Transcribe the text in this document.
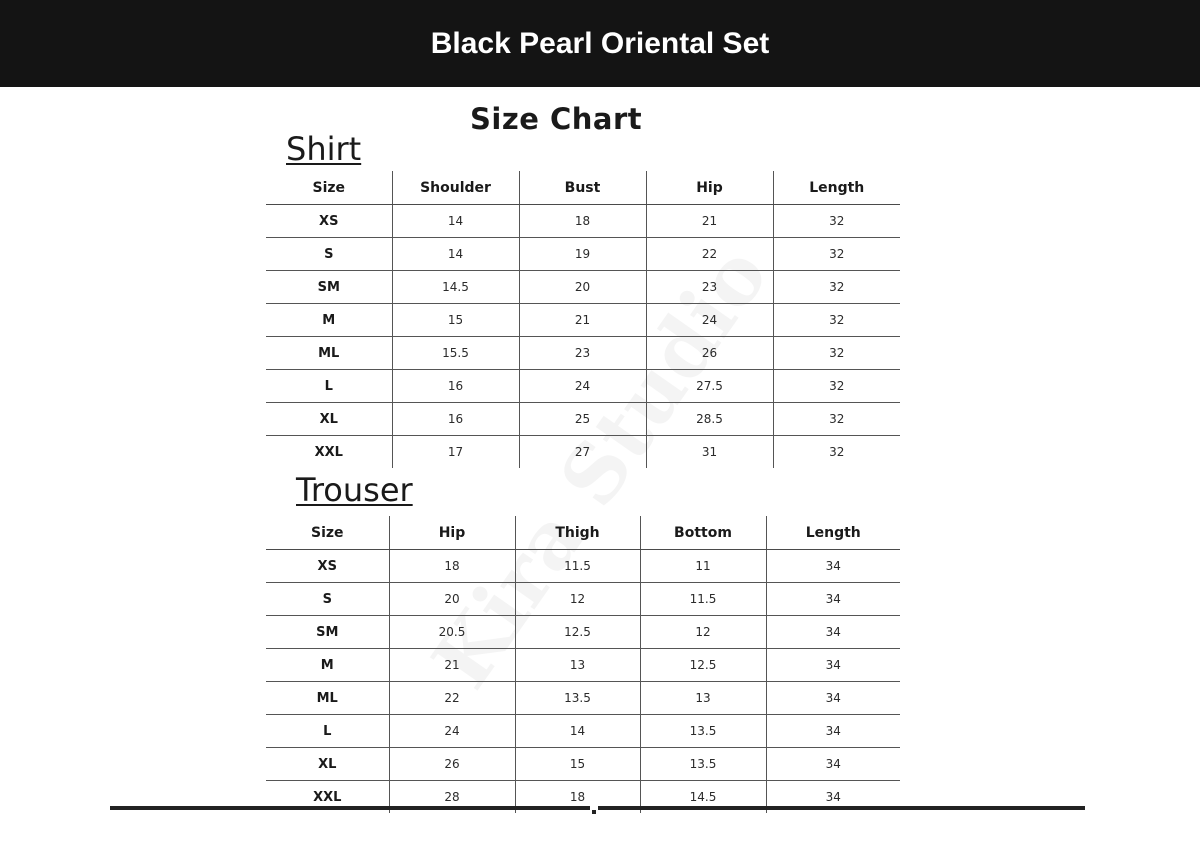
Black Pearl Oriental Set
Size Chart
Shirt
Size	Shoulder	Bust	Hip	Length
XS	14	18	21	32
S	14	19	22	32
SM	14.5	20	23	32
M	15	21	24	32
ML	15.5	23	26	32
L	16	24	27.5	32
XL	16	25	28.5	32
XXL	17	27	31	32
Trouser
Size	Hip	Thigh	Bottom	Length
XS	18	11.5	11	34
S	20	12	11.5	34
SM	20.5	12.5	12	34
M	21	13	12.5	34
ML	22	13.5	13	34
L	24	14	13.5	34
XL	26	15	13.5	34
XXL	28	18	14.5	34
